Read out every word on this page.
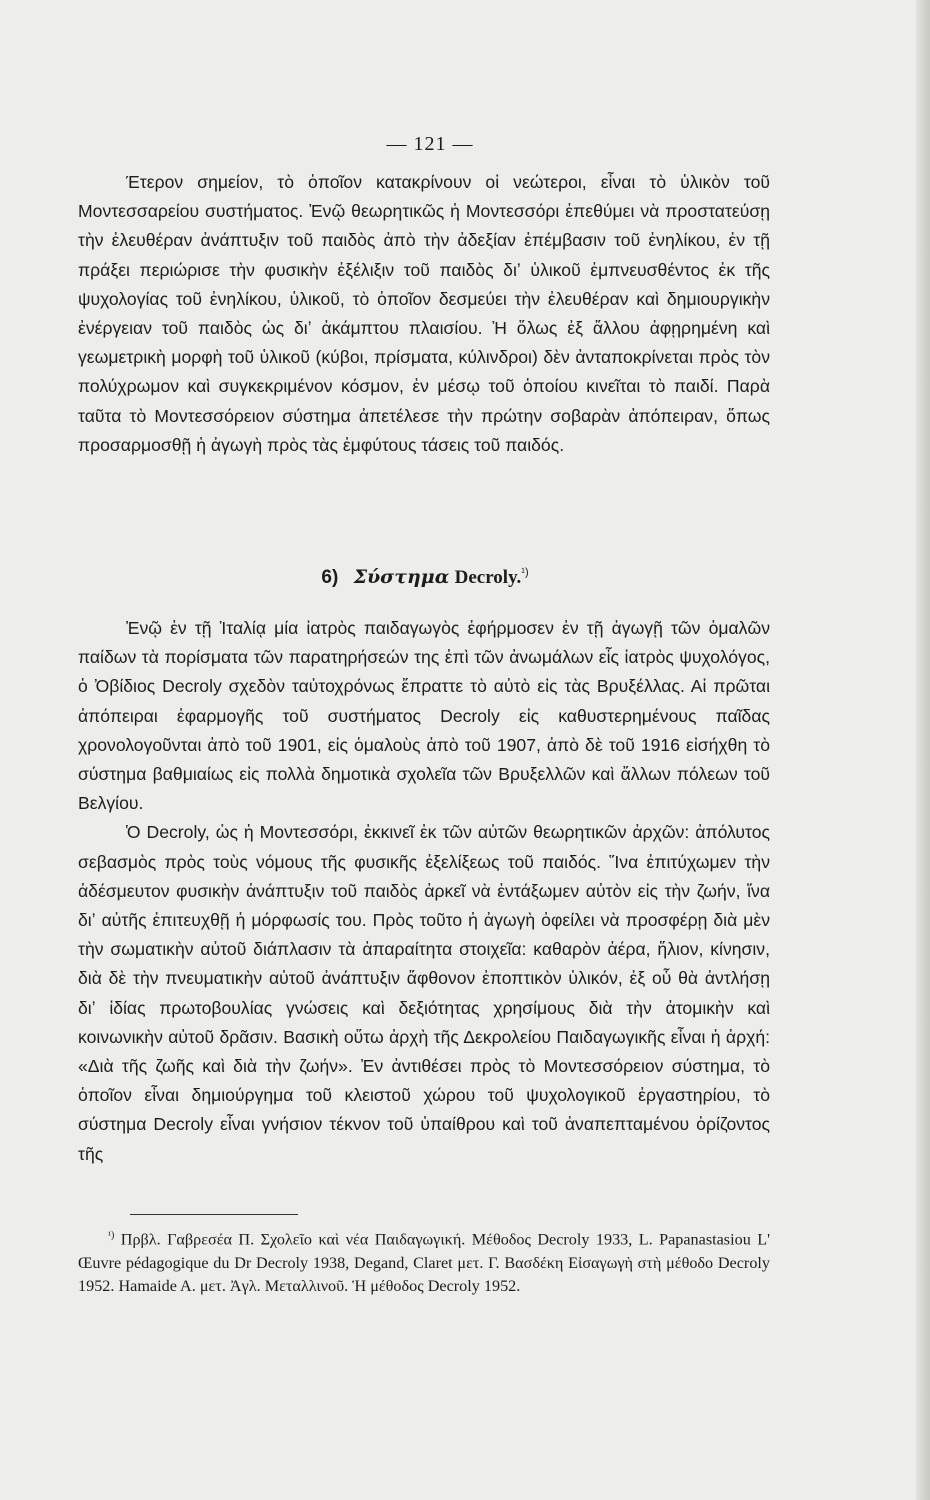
— 121 —

Έτερον σημείον, τὸ ὁποῖον κατακρίνουν οἱ νεώτεροι, εἶναι τὸ ὑλικὸν τοῦ Μοντεσσαρείου συστήματος. Ἐνῷ θεωρητικῶς ἡ Μοντεσσόρι ἐπεθύμει νὰ προστατεύσῃ τὴν ἐλευθέραν ἀνάπτυξιν τοῦ παιδὸς ἀπὸ τὴν ἀδεξίαν ἐπέμβασιν τοῦ ἐνηλίκου, ἐν τῇ πράξει περιώρισε τὴν φυσικὴν ἐξέλιξιν τοῦ παιδὸς διʼ ὑλικοῦ ἐμπνευσθέντος ἐκ τῆς ψυχολογίας τοῦ ἐνηλίκου, ὑλικοῦ, τὸ ὁποῖον δεσμεύει τὴν ἐλευθέραν καὶ δημιουργικὴν ἐνέργειαν τοῦ παιδὸς ὡς διʼ ἀκάμπτου πλαισίου. Ἡ ὅλως ἐξ ἄλλου ἀφῃρημένη καὶ γεωμετρικὴ μορφὴ τοῦ ὑλικοῦ (κύβοι, πρίσματα, κύλινδροι) δὲν ἀνταποκρίνεται πρὸς τὸν πολύχρωμον καὶ συγκεκριμένον κόσμον, ἐν μέσῳ τοῦ ὁποίου κινεῖται τὸ παιδί. Παρὰ ταῦτα τὸ Μοντεσσόρειον σύστημα ἀπετέλεσε τὴν πρώτην σοβαρὰν ἀπόπειραν, ὅπως προσαρμοσθῇ ἡ ἀγωγὴ πρὸς τὰς ἐμφύτους τάσεις τοῦ παιδός.

6) Σύστημα Decroly.$^{^1)}$

Ἐνῷ ἐν τῇ Ἰταλίᾳ μία ἰατρὸς παιδαγωγὸς ἐφήρμοσεν ἐν τῇ ἀγωγῇ τῶν ὁμαλῶν παίδων τὰ πορίσματα τῶν παρατηρήσεών της ἐπὶ τῶν ἀνωμάλων εἷς ἰατρὸς ψυχολόγος, ὁ Ὀβίδιος Decroly σχεδὸν ταὐτοχρόνως ἔπραττε τὸ αὐτὸ εἰς τὰς Βρυξέλλας. Αἱ πρῶται ἀπόπειραι ἐφαρμογῆς τοῦ συστήματος Decroly εἰς καθυστερημένους παῖδας χρονολογοῦνται ἀπὸ τοῦ 1901, εἰς ὁμαλοὺς ἀπὸ τοῦ 1907, ἀπὸ δὲ τοῦ 1916 εἰσήχθη τὸ σύστημα βαθμιαίως εἰς πολλὰ δημοτικὰ σχολεῖα τῶν Βρυξελλῶν καὶ ἄλλων πόλεων τοῦ Βελγίου.

Ὁ Decroly, ὡς ἡ Μοντεσσόρι, ἐκκινεῖ ἐκ τῶν αὐτῶν θεωρητικῶν ἀρχῶν: ἀπόλυτος σεβασμὸς πρὸς τοὺς νόμους τῆς φυσικῆς ἐξελίξεως τοῦ παιδός. Ἵνα ἐπιτύχωμεν τὴν ἀδέσμευτον φυσικὴν ἀνάπτυξιν τοῦ παιδὸς ἀρκεῖ νὰ ἐντάξωμεν αὐτὸν εἰς τὴν ζωήν, ἵνα διʼ αὐτῆς ἐπιτευχθῇ ἡ μόρφωσίς του. Πρὸς τοῦτο ἡ ἀγωγὴ ὀφείλει νὰ προσφέρῃ διὰ μὲν τὴν σωματικὴν αὐτοῦ διάπλασιν τὰ ἀπαραίτητα στοιχεῖα: καθαρὸν ἀέρα, ἥλιον, κίνησιν, διὰ δὲ τὴν πνευματικὴν αὐτοῦ ἀνάπτυξιν ἄφθονον ἐποπτικὸν ὑλικόν, ἐξ οὗ θὰ ἀντλήσῃ διʼ ἰδίας πρωτοβουλίας γνώσεις καὶ δεξιότητας χρησίμους διὰ τὴν ἀτομικὴν καὶ κοινωνικὴν αὐτοῦ δρᾶσιν. Βασικὴ οὕτω ἀρχὴ τῆς Δεκρολείου Παιδαγωγικῆς εἶναι ἡ ἀρχή: «Διὰ τῆς ζωῆς καὶ διὰ τὴν ζωήν». Ἐν ἀντιθέσει πρὸς τὸ Μοντεσσόρειον σύστημα, τὸ ὁποῖον εἶναι δημιούργημα τοῦ κλειστοῦ χώρου τοῦ ψυχολογικοῦ ἐργαστηρίου, τὸ σύστημα Decroly εἶναι γνήσιον τέκνον τοῦ ὑπαίθρου καὶ τοῦ ἀναπεπταμένου ὁρίζοντος τῆς

$^{^1)}$ Πρβλ. Γαβρεσέα Π. Σχολεῖο καὶ νέα Παιδαγωγική. Μέθοδος Decroly 1933, L. Papanastasiou L' Œuvre pédagogique du Dr Decroly 1938, Degand, Claret μετ. Γ. Βασδέκη Εἰσαγωγὴ στὴ μέθοδο Decroly 1952. Hamaide A. μετ. Ἀγλ. Μεταλλινοῦ. Ἡ μέθοδος Decroly 1952.
